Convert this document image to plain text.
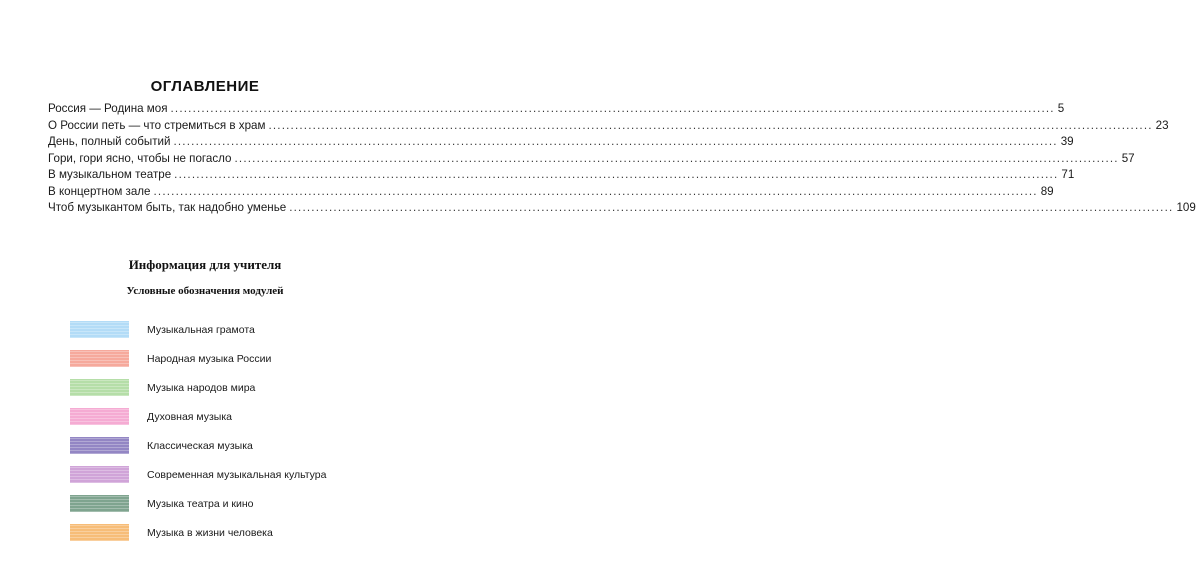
ОГЛАВЛЕНИЕ
Россия — Родина моя ........................................................................................................................................................................................................ 5
О России петь — что стремиться в храм ........................................................................................................................................................................................................ 23
День, полный событий ........................................................................................................................................................................................................ 39
Гори, гори ясно, чтобы не погасло ........................................................................................................................................................................................................ 57
В музыкальном театре ........................................................................................................................................................................................................ 71
В концертном зале ........................................................................................................................................................................................................ 89
Чтоб музыкантом быть, так надобно уменье ........................................................................................................................................................................................................ 109
Информация для учителя
Условные обозначения модулей
Музыкальная грамота
Народная музыка России
Музыка народов мира
Духовная музыка
Классическая музыка
Современная музыкальная культура
Музыка театра и кино
Музыка в жизни человека
